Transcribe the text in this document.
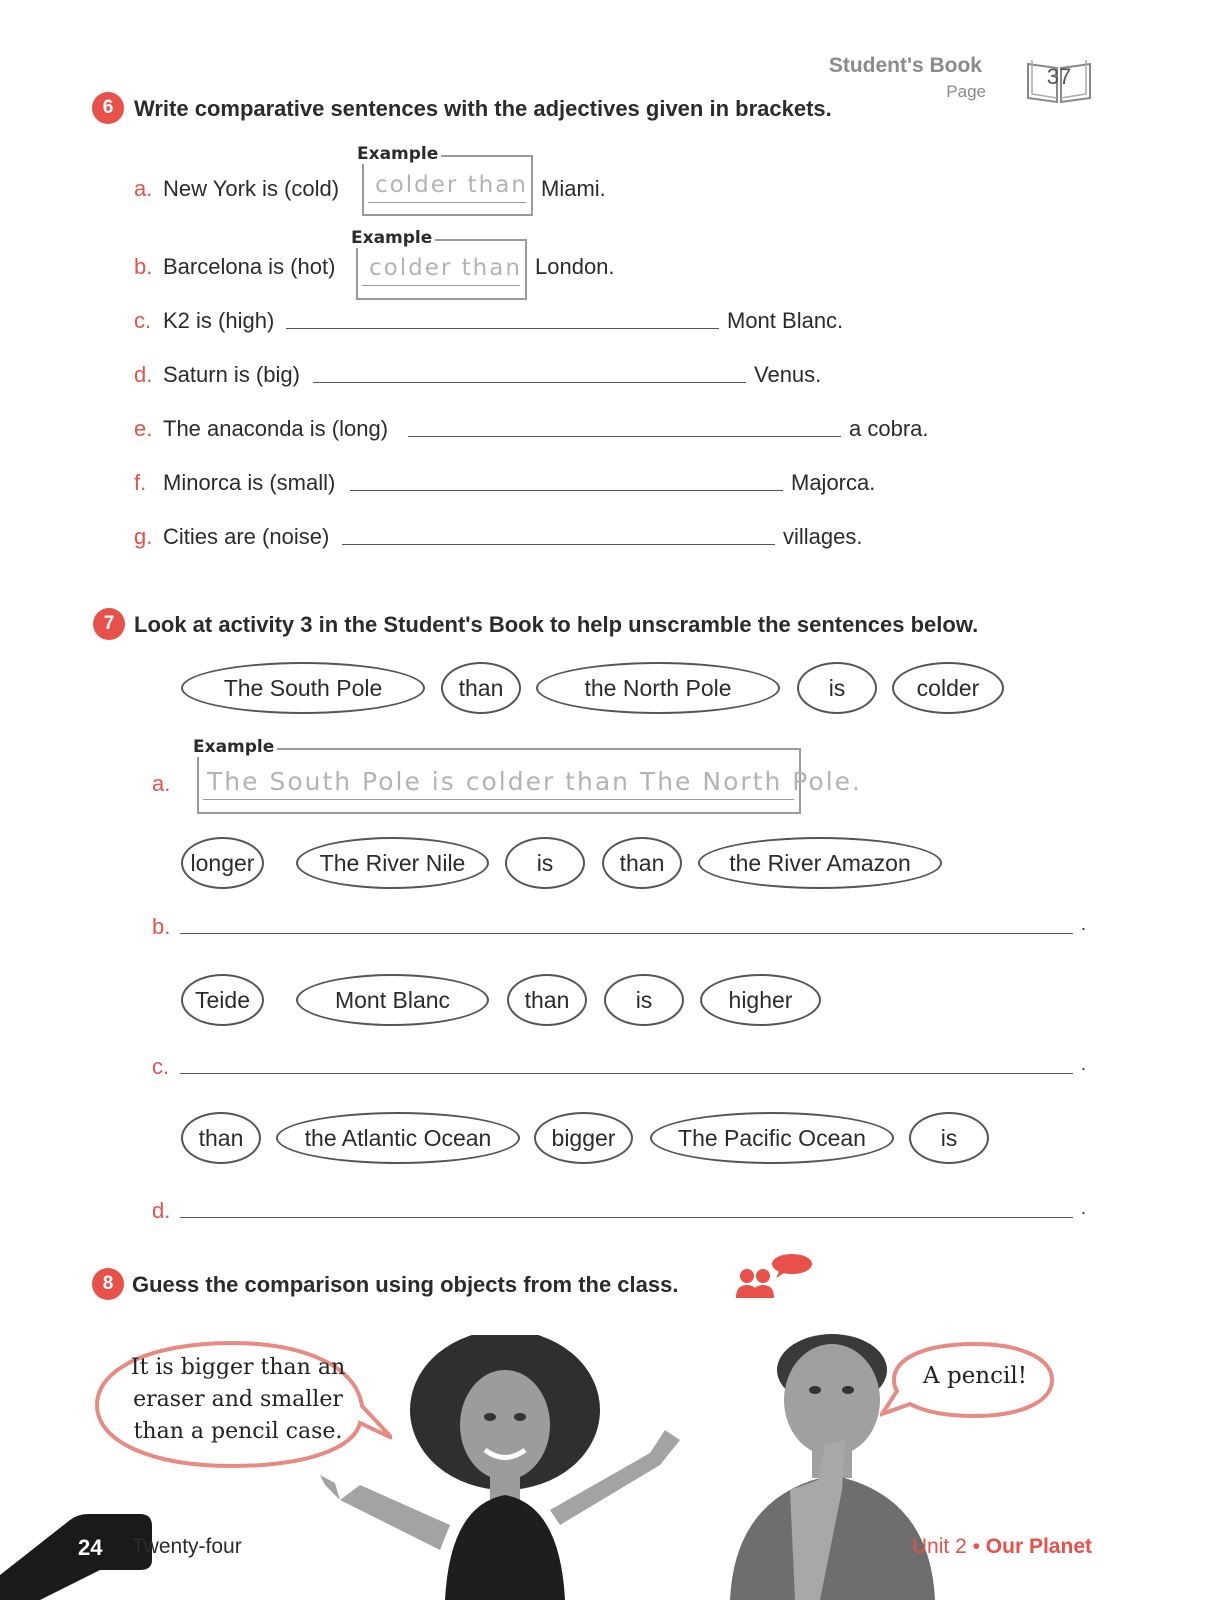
Student's Book
Page
37
6 Write comparative sentences with the adjectives given in brackets.
a. New York is (cold)
Example
colder than Miami.
b. Barcelona is (hot)
Example
colder than London.
c. K2 is (high)	Mont Blanc.
d. Saturn is (big)	Venus.
e. The anaconda is (long)	a cobra.
f. Minorca is (small)	Majorca.
g. Cities are (noise)	villages.
7 Look at activity 3 in the Student's Book to help unscramble the sentences below.
The South Pole	than	the North Pole	is	colder
a.
Example
The South Pole is colder than The North Pole.
longer	The River Nile	is	than	the River Amazon
b.	.
Teide	Mont Blanc	than	is	higher
c.	.
than	the Atlantic Ocean	bigger	The Pacific Ocean	is
d.	.
8 Guess the comparison using objects from the class.
It is bigger than an
eraser and smaller
than a pencil case.
A pencil!
24 Twenty-four	Unit 2 • Our Planet
